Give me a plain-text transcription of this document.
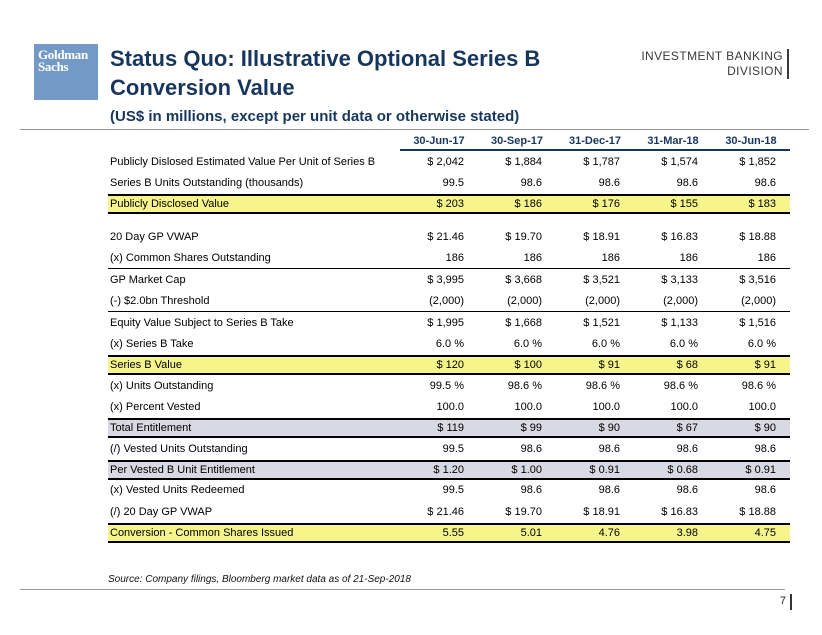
Goldman
Sachs	Status Quo: Illustrative Optional Series B
Conversion Value
(US$ in millions, except per unit data or otherwise stated)
INVESTMENT BANKING
DIVISION
30-Jun-17	30-Sep-17	31-Dec-17	31-Mar-18	30-Jun-18
Publicly Dislosed Estimated Value Per Unit of Series B	$ 2,042	$ 1,884	$ 1,787	$ 1,574	$ 1,852
Series B Units Outstanding (thousands)	99.5	98.6	98.6	98.6	98.6
Publicly Disclosed Value	$ 203	$ 186	$ 176	$ 155	$ 183
20 Day GP VWAP	$ 21.46	$ 19.70	$ 18.91	$ 16.83	$ 18.88
(x) Common Shares Outstanding	186	186	186	186	186
GP Market Cap	$ 3,995	$ 3,668	$ 3,521	$ 3,133	$ 3,516
(-) $2.0bn Threshold	(2,000)	(2,000)	(2,000)	(2,000)	(2,000)
Equity Value Subject to Series B Take	$ 1,995	$ 1,668	$ 1,521	$ 1,133	$ 1,516
(x) Series B Take	6.0 %	6.0 %	6.0 %	6.0 %	6.0 %
Series B Value	$ 120	$ 100	$ 91	$ 68	$ 91
(x) Units Outstanding	99.5 %	98.6 %	98.6 %	98.6 %	98.6 %
(x) Percent Vested	100.0	100.0	100.0	100.0	100.0
Total Entitlement	$ 119	$ 99	$ 90	$ 67	$ 90
(/) Vested Units Outstanding	99.5	98.6	98.6	98.6	98.6
Per Vested B Unit Entitlement	$ 1.20	$ 1.00	$ 0.91	$ 0.68	$ 0.91
(x) Vested Units Redeemed	99.5	98.6	98.6	98.6	98.6
(/) 20 Day GP VWAP	$ 21.46	$ 19.70	$ 18.91	$ 16.83	$ 18.88
Conversion - Common Shares Issued	5.55	5.01	4.76	3.98	4.75
Source: Company filings, Bloomberg market data as of 21-Sep-2018
7
